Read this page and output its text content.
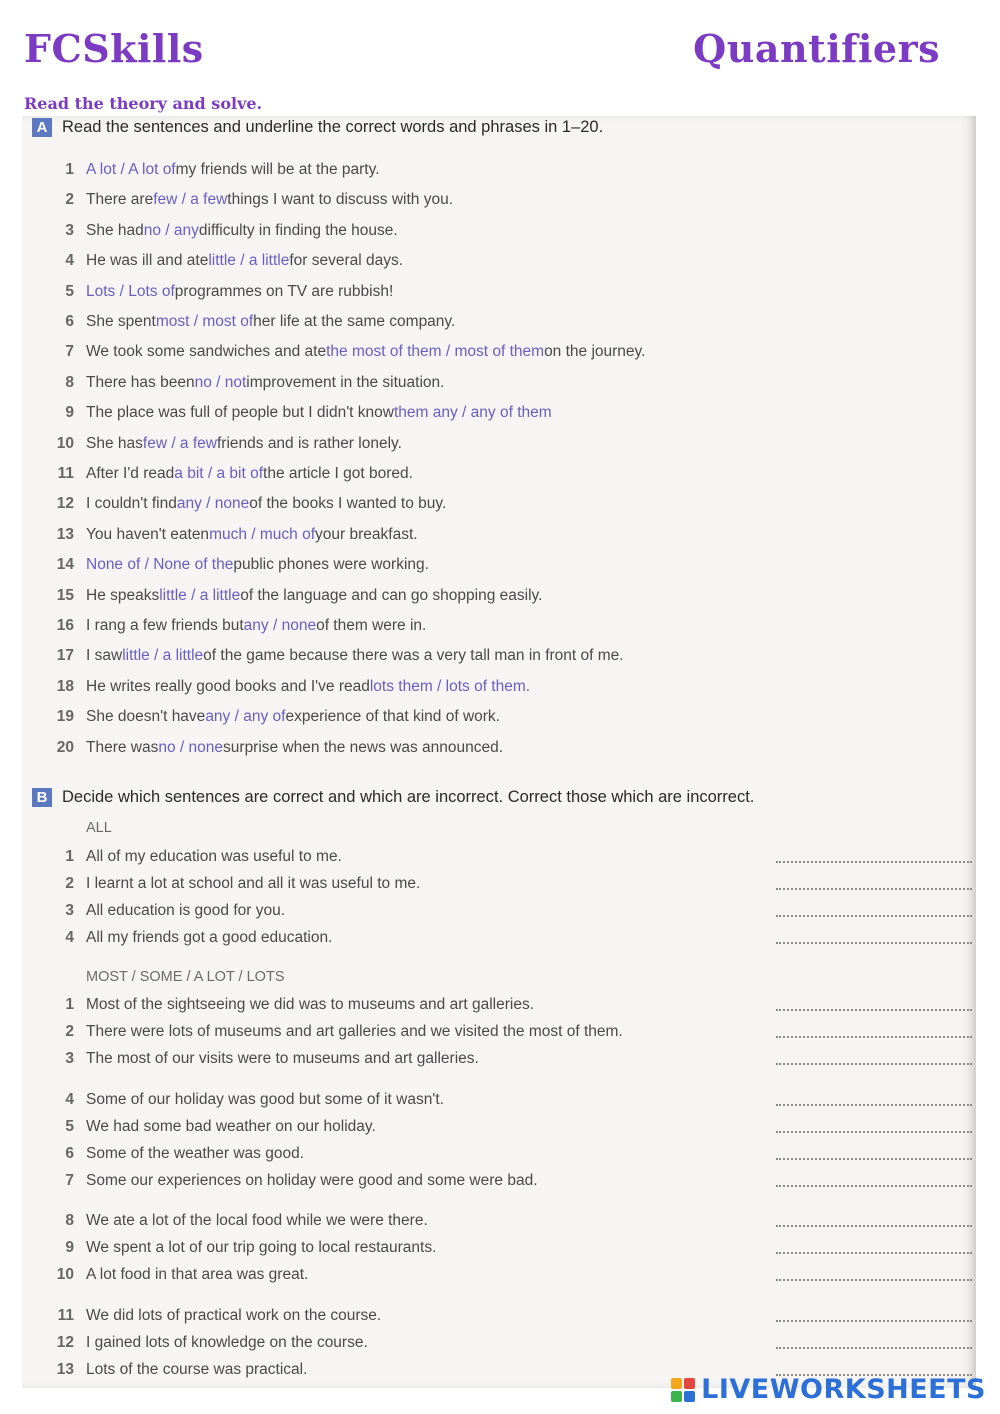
FCSkills	Quantifiers
Read the theory and solve.
A Read the sentences and underline the correct words and phrases in 1–20.
1 A lot / A lot of my friends will be at the party.
2 There are few / a few things I want to discuss with you.
3 She had no / any difficulty in finding the house.
4 He was ill and ate little / a little for several days.
5 Lots / Lots of programmes on TV are rubbish!
6 She spent most / most of her life at the same company.
7 We took some sandwiches and ate the most of them / most of them on the journey.
8 There has been no / not improvement in the situation.
9 The place was full of people but I didn't know them any / any of them
10 She has few / a few friends and is rather lonely.
11 After I'd read a bit / a bit of the article I got bored.
12 I couldn't find any / none of the books I wanted to buy.
13 You haven't eaten much / much of your breakfast.
14 None of / None of the public phones were working.
15 He speaks little / a little of the language and can go shopping easily.
16 I rang a few friends but any / none of them were in.
17 I saw little / a little of the game because there was a very tall man in front of me.
18 He writes really good books and I've read lots them / lots of them.
19 She doesn't have any / any of experience of that kind of work.
20 There was no / none surprise when the news was announced.
B Decide which sentences are correct and which are incorrect. Correct those which are incorrect.
ALL
1 All of my education was useful to me.
2 I learnt a lot at school and all it was useful to me.
3 All education is good for you.
4 All my friends got a good education.
MOST / SOME / A LOT / LOTS
1 Most of the sightseeing we did was to museums and art galleries.
2 There were lots of museums and art galleries and we visited the most of them.
3 The most of our visits were to museums and art galleries.
4 Some of our holiday was good but some of it wasn't.
5 We had some bad weather on our holiday.
6 Some of the weather was good.
7 Some our experiences on holiday were good and some were bad.
8 We ate a lot of the local food while we were there.
9 We spent a lot of our trip going to local restaurants.
10 A lot food in that area was great.
11 We did lots of practical work on the course.
12 I gained lots of knowledge on the course.
13 Lots of the course was practical.
LIVEWORKSHEETS
